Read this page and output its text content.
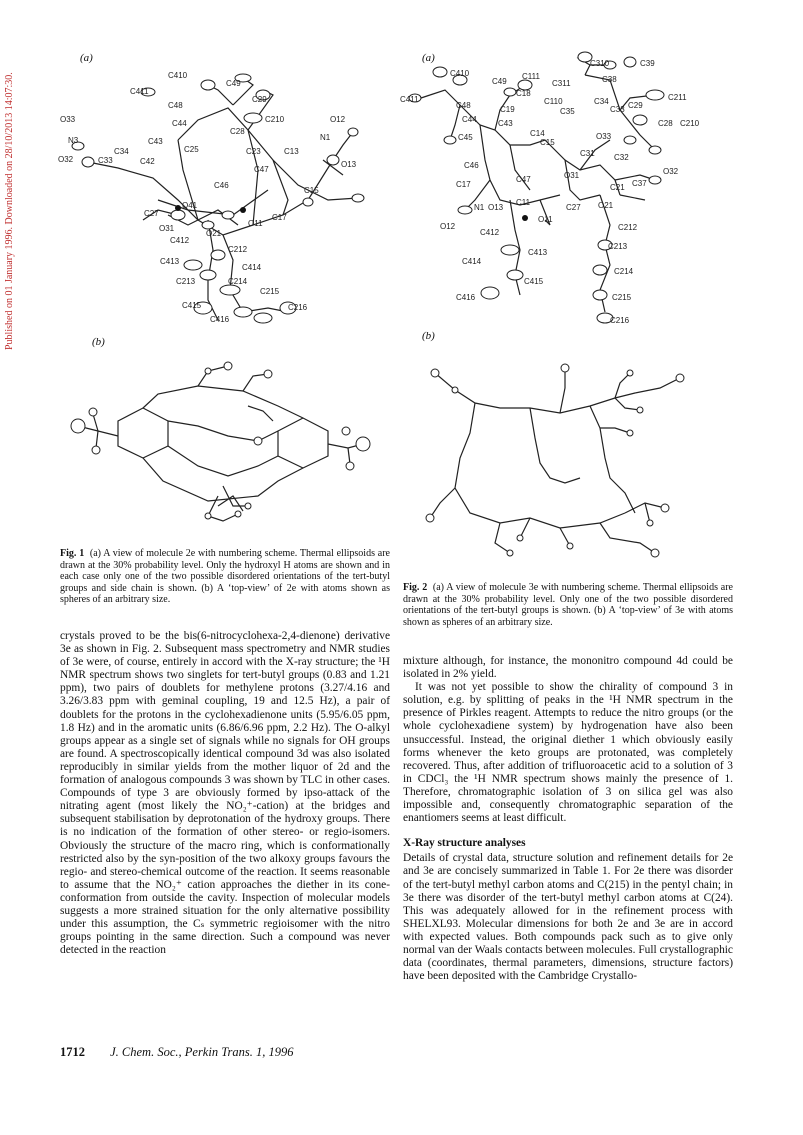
Published on 01 January 1996. Downloaded on 28/10/2013 14:07:30.
(a)
C410
C49
C411
C48
C29
C44	C210	O12
O33
C28
N1
N3	C43
C34	C25	C23	C13
O32	C33	C42
C47
O13
C46
C15
O41
C27
O11
C17
O31
O21
C412
C212
C413
C414
C213	C214
C215
C415	C216
C416
(b)
(a)	C310	C39
C410
C49	C311	C38
C111
C411
C18
C34	C211
C48	C110
C19	C35	C33 C29
C44	C43	C28 C210
C45	C14	O33
C15
C31
C46
C32
O32
C17
C47	O31
C21 C37
N1 O13	C27
C11	O21
O12
O11
C212
C412
C213
C413
C414
C214
C415
C416	C215
C216
(b)
Fig. 1 (a) A view of molecule 2e with numbering scheme. Thermal ellipsoids are drawn at the 30% probability level. Only the hydroxyl H atoms are shown and in each case only one of the two possible disordered orientations of the tert-butyl groups and side chain is shown. (b) A ‘top-view’ of 2e with atoms shown as spheres of an arbitrary size.
Fig. 2 (a) A view of molecule 3e with numbering scheme. Thermal ellipsoids are drawn at the 30% probability level. Only one of the two possible disordered orientations of the tert-butyl groups is shown. (b) A ‘top-view’ of 3e with atoms shown as spheres of an arbitrary size.

crystals proved to be the bis(6-nitrocyclohexa-2,4-dienone) derivative 3e as shown in Fig. 2. Subsequent mass spectrometry and NMR studies of 3e were, of course, entirely in accord with the X-ray structure; the ¹H NMR spectrum shows two singlets for tert-butyl groups (0.83 and 1.21 ppm), two pairs of doublets for methylene protons (3.27/4.16 and 3.26/3.83 ppm with geminal coupling, 19 and 12.5 Hz), a pair of doublets for the protons in the cyclohexadienone units (5.95/6.05 ppm, 1.8 Hz) and in the aromatic units (6.86/6.96 ppm, 2.2 Hz). The O-alkyl groups appear as a single set of signals while no signals for OH groups are found. A spectroscopically identical compound 3d was also isolated reproducibly in similar yields from the mother liquor of 2d and the formation of analogous compounds 3 was shown by TLC in other cases. Compounds of type 3 are obviously formed by ipso-attack of the nitrating agent (most likely the NO₂⁺-cation) at the bridges and subsequent stabilisation by deprotonation of the hydroxy groups. There is no indication of the formation of other stereo- or regio-isomers. Obviously the structure of the macro ring, which is conformationally restricted also by the syn-position of the two alkoxy groups favours the regio- and stereo-chemical outcome of the reaction. It seems reasonable to assume that the NO₂⁺ cation approaches the diether in its cone-conformation from outside the cavity. Inspection of molecular models suggests a more strained situation for the only alternative possibility under this assumption, the Cₛ symmetric regioisomer with the nitro groups pointing in the same direction. Such a compound was never detected in the reaction

mixture although, for instance, the mononitro compound 4d could be isolated in 2% yield.

It was not yet possible to show the chirality of compound 3 in solution, e.g. by splitting of peaks in the ¹H NMR spectrum in the presence of Pirkles reagent. Attempts to reduce the nitro groups (or the whole cyclohexadiene system) by hydrogenation have also been unsuccessful. Instead, the original diether 1 which obviously easily forms whenever the keto groups are protonated, was completely recovered. Thus, after addition of trifluoroacetic acid to a solution of 3 in CDCl₃ the ¹H NMR spectrum shows mainly the presence of 1. Therefore, chromatographic isolation of 3 on silica gel was also impossible and, consequently chromatographic separation of the enantiomers seems at least difficult.

X-Ray structure analyses

Details of crystal data, structure solution and refinement details for 2e and 3e are concisely summarized in Table 1. For 2e there was disorder of the tert-butyl methyl carbon atoms and C(215) in the pentyl chain; in 3e there was disorder of the tert-butyl methyl carbon atoms at C(24). This was adequately allowed for in the refinement process with SHELXL93. Molecular dimensions for both 2e and 3e are in accord with expected values. Both compounds pack such as to give only normal van der Waals contacts between molecules. Full crystallographic data (coordinates, thermal parameters, dimensions, structure factors) have been deposited with the Cambridge Crystallo-

1712 J. Chem. Soc., Perkin Trans. 1, 1996
